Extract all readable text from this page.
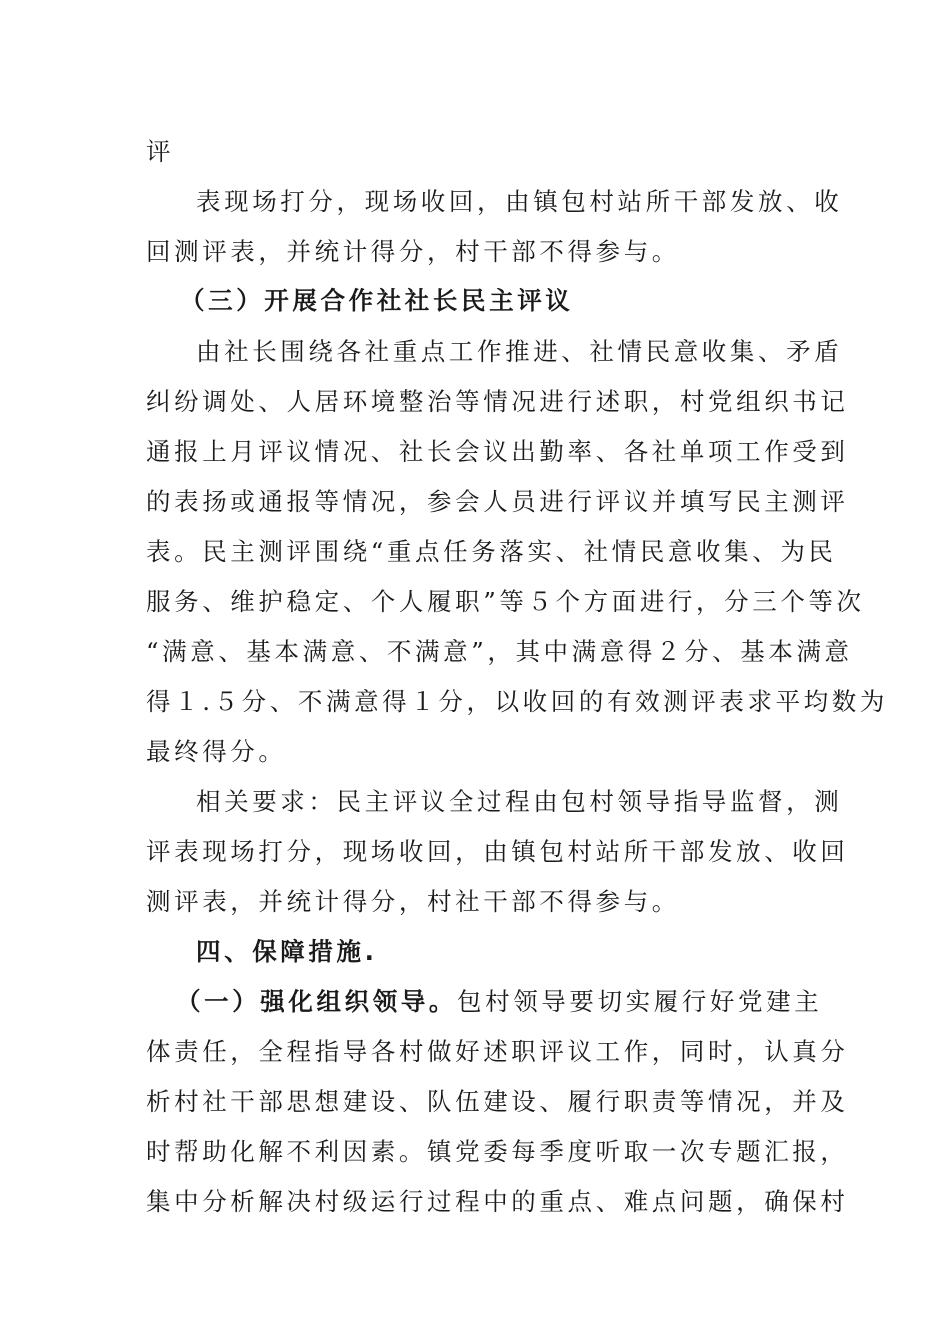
评
表现场打分，现场收回，由镇包村站所干部发放、收
回测评表，并统计得分，村干部不得参与。
（三）开展合作社社长民主评议
由社长围绕各社重点工作推进、社情民意收集、矛盾
纠纷调处、人居环境整治等情况进行述职，村党组织书记
通报上月评议情况、社长会议出勤率、各社单项工作受到
的表扬或通报等情况，参会人员进行评议并填写民主测评
表。民主测评围绕“重点任务落实、社情民意收集、为民
服务、维护稳定、个人履职”等５个方面进行，分三个等次
“满意、基本满意、不满意”，其中满意得２分、基本满意
得１.５分、不满意得１分，以收回的有效测评表求平均数为
最终得分。
相关要求：民主评议全过程由包村领导指导监督，测
评表现场打分，现场收回，由镇包村站所干部发放、收回
测评表，并统计得分，村社干部不得参与。
四、保障措施.
（一）强化组织领导。包村领导要切实履行好党建主
体责任，全程指导各村做好述职评议工作，同时，认真分
析村社干部思想建设、队伍建设、履行职责等情况，并及
时帮助化解不利因素。镇党委每季度听取一次专题汇报，
集中分析解决村级运行过程中的重点、难点问题，确保村
